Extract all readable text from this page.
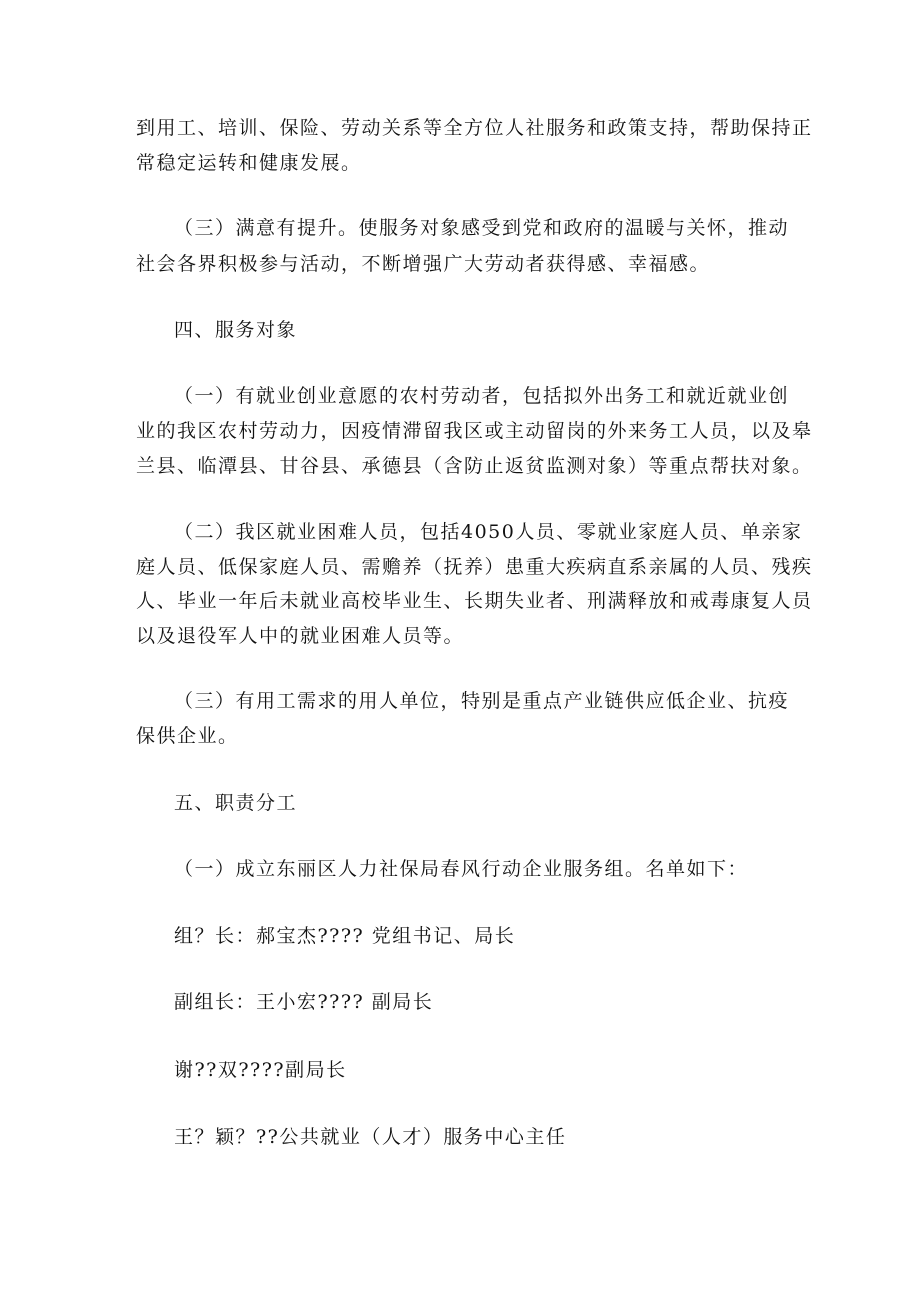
到用工、培训、保险、劳动关系等全方位人社服务和政策支持，帮助保持正
常稳定运转和健康发展。
（三）满意有提升。使服务对象感受到党和政府的温暖与关怀，推动
社会各界积极参与活动，不断增强广大劳动者获得感、幸福感。
四、服务对象
（一）有就业创业意愿的农村劳动者，包括拟外出务工和就近就业创
业的我区农村劳动力，因疫情滞留我区或主动留岗的外来务工人员，以及皋
兰县、临潭县、甘谷县、承德县（含防止返贫监测对象）等重点帮扶对象。
（二）我区就业困难人员，包括4050人员、零就业家庭人员、单亲家
庭人员、低保家庭人员、需赡养（抚养）患重大疾病直系亲属的人员、残疾
人、毕业一年后未就业高校毕业生、长期失业者、刑满释放和戒毒康复人员
以及退役军人中的就业困难人员等。
（三）有用工需求的用人单位，特别是重点产业链供应低企业、抗疫
保供企业。
五、职责分工
（一）成立东丽区人力社保局春风行动企业服务组。名单如下：
组？长：郝宝杰???? 党组书记、局长
副组长：王小宏???? 副局长
谢??双????副局长
王？颖？??公共就业（人才）服务中心主任
